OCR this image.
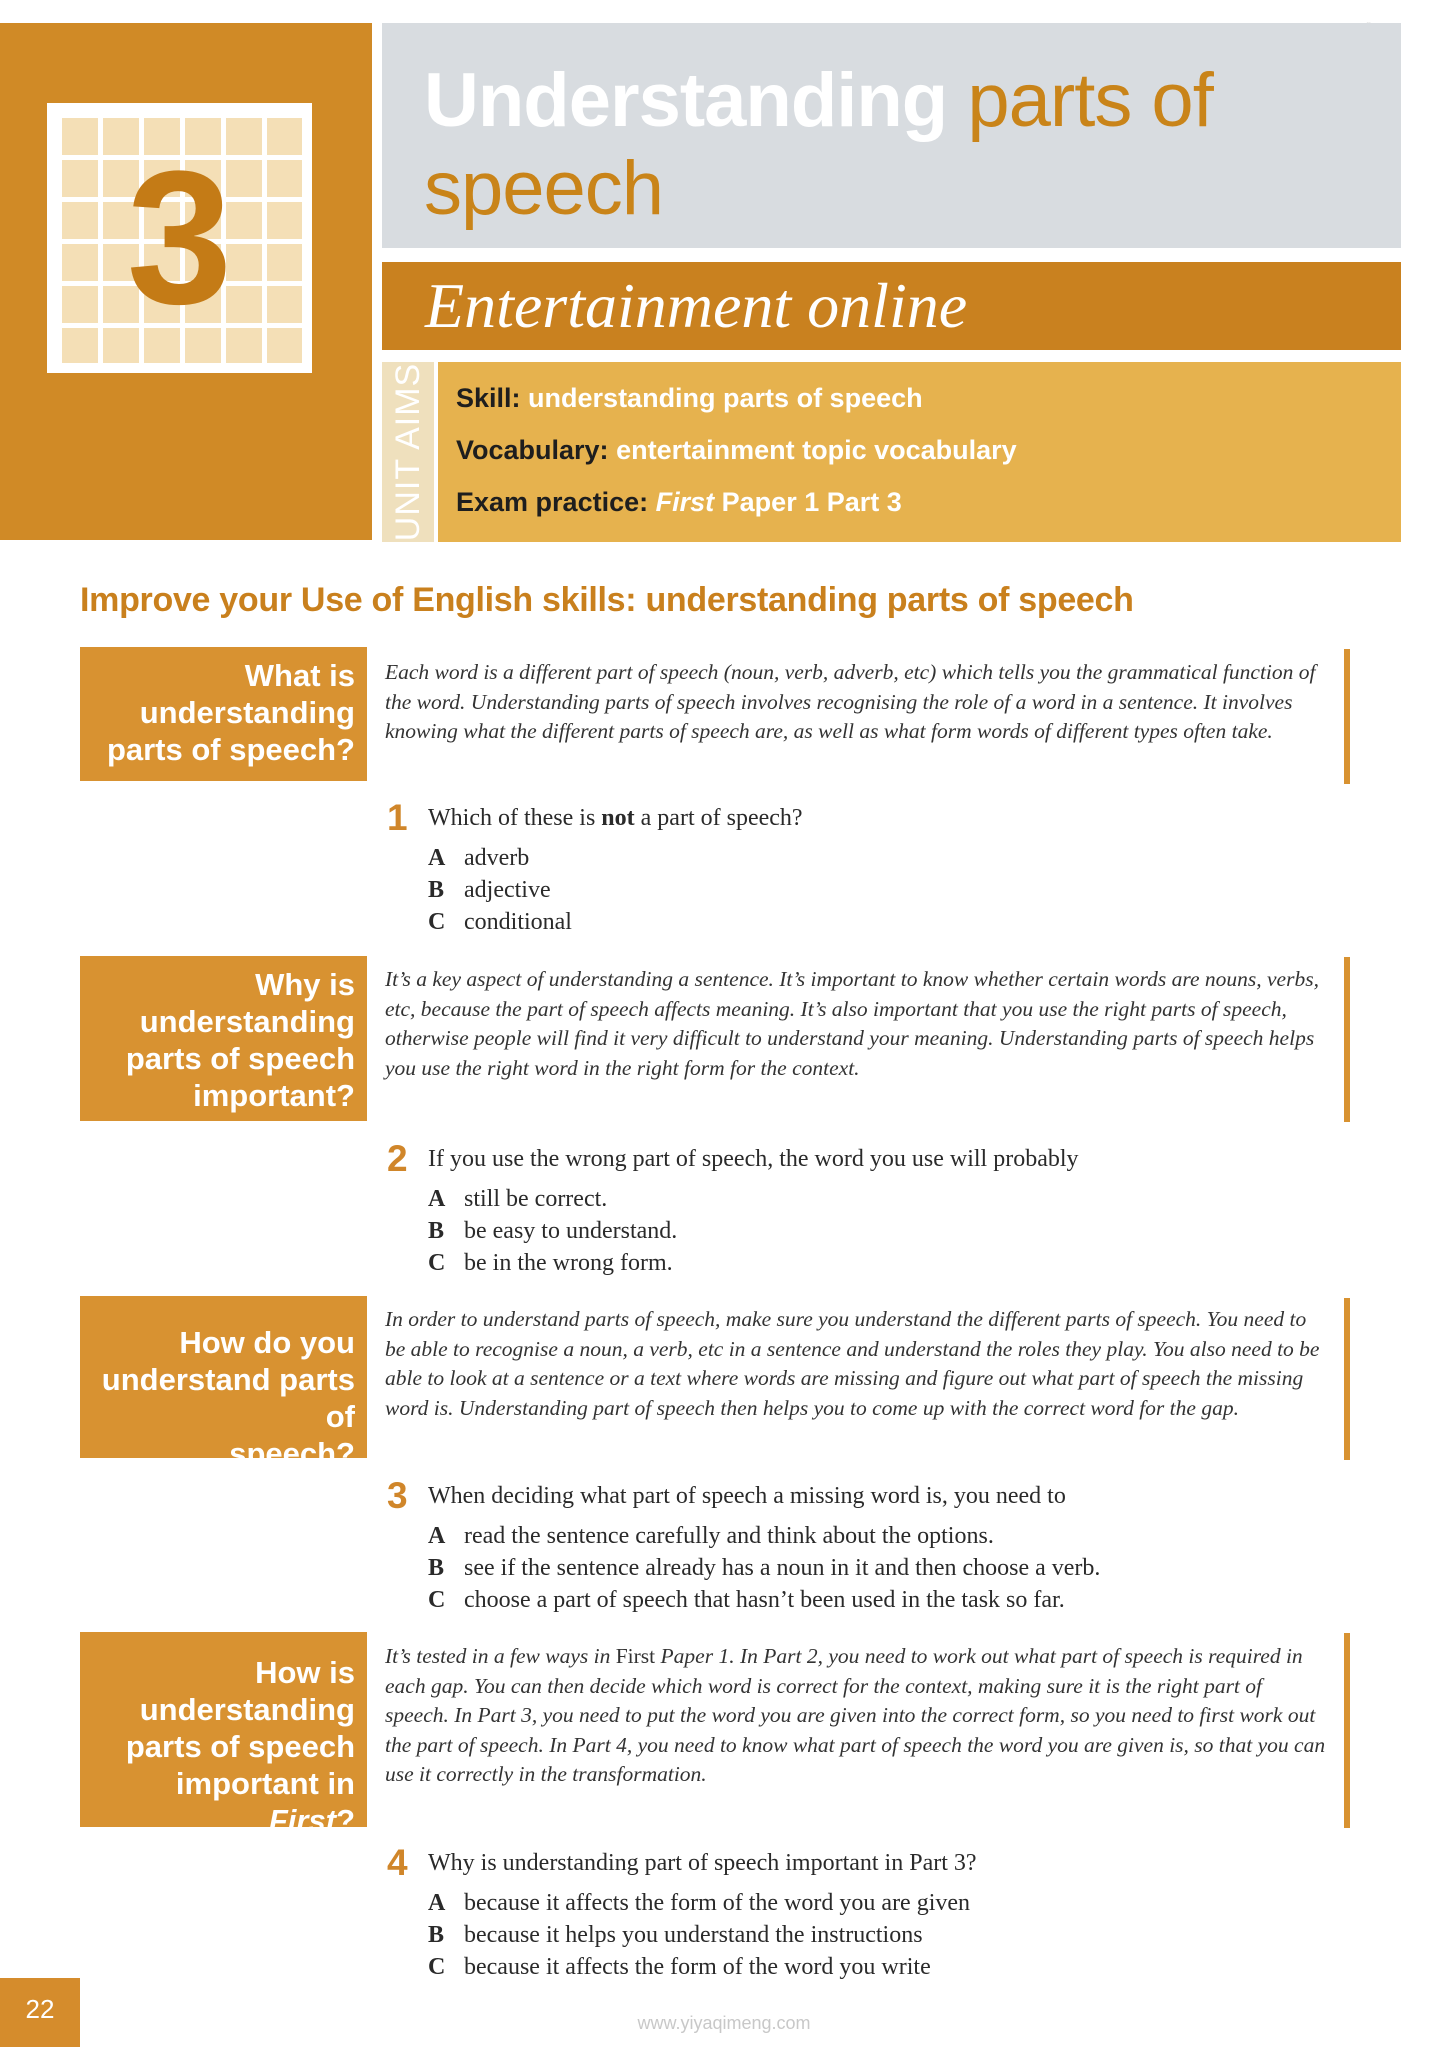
3
Understanding parts of
speech
Entertainment online
UNIT AIMS Skill: understanding parts of speech
Vocabulary: entertainment topic vocabulary
Exam practice: First Paper 1 Part 3
Improve your Use of English skills: understanding parts of speech
What is
understanding
parts of speech?
Each word is a different part of speech (noun, verb, adverb, etc) which tells you the grammatical function of the word. Understanding parts of speech involves recognising the role of a word in a sentence. It involves knowing what the different parts of speech are, as well as what form words of different types often take.
1 Which of these is not a part of speech?
A adverb
B adjective
C conditional
Why is
understanding
parts of speech
important?
It’s a key aspect of understanding a sentence. It’s important to know whether certain words are nouns, verbs, etc, because the part of speech affects meaning. It’s also important that you use the right parts of speech, otherwise people will find it very difficult to understand your meaning. Understanding parts of speech helps you use the right word in the right form for the context.
2 If you use the wrong part of speech, the word you use will probably
A still be correct.
B be easy to understand.
C be in the wrong form.
How do you
understand parts of
speech?
In order to understand parts of speech, make sure you understand the different parts of speech. You need to be able to recognise a noun, a verb, etc in a sentence and understand the roles they play. You also need to be able to look at a sentence or a text where words are missing and figure out what part of speech the missing word is. Understanding part of speech then helps you to come up with the correct word for the gap.
3 When deciding what part of speech a missing word is, you need to
A read the sentence carefully and think about the options.
B see if the sentence already has a noun in it and then choose a verb.
C choose a part of speech that hasn’t been used in the task so far.
How is
understanding
parts of speech
important in First?
It’s tested in a few ways in First Paper 1. In Part 2, you need to work out what part of speech is required in each gap. You can then decide which word is correct for the context, making sure it is the right part of speech. In Part 3, you need to put the word you are given into the correct form, so you need to first work out the part of speech. In Part 4, you need to know what part of speech the word you are given is, so that you can use it correctly in the transformation.
4 Why is understanding part of speech important in Part 3?
A because it affects the form of the word you are given
B because it helps you understand the instructions
C because it affects the form of the word you write
22	www.yiyaqimeng.com
